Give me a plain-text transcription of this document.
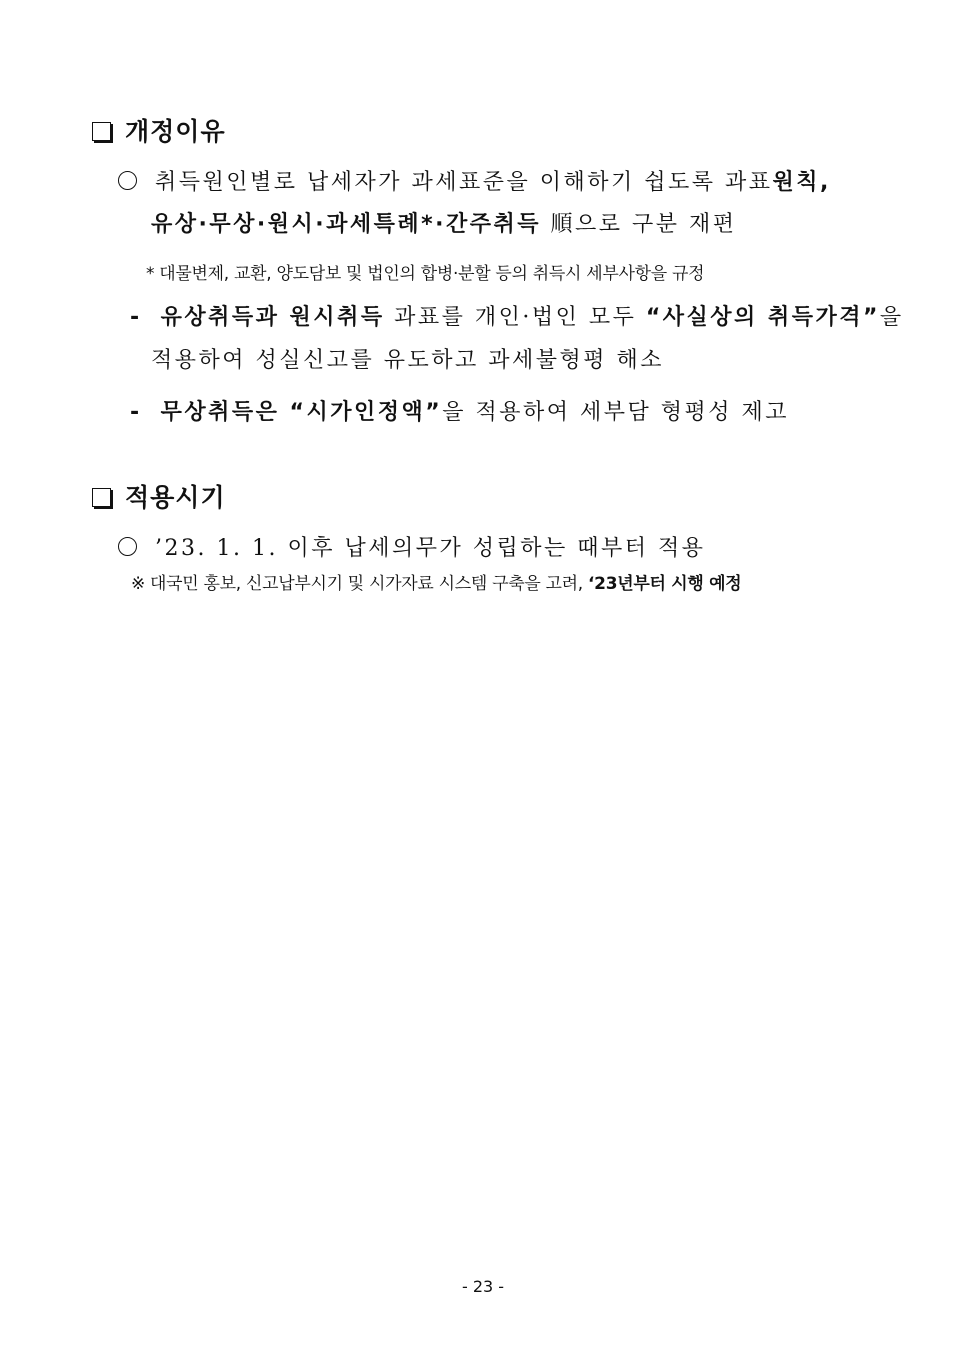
개정이유
취득원인별로 납세자가 과세표준을 이해하기 쉽도록 과표원칙,
유상·무상·원시·과세특례*·간주취득 順으로 구분 재편
* 대물변제, 교환, 양도담보 및 법인의 합병·분할 등의 취득시 세부사항을 규정
- 유상취득과 원시취득 과표를 개인·법인 모두 “사실상의 취득가격”을
적용하여 성실신고를 유도하고 과세불형평 해소
- 무상취득은 “시가인정액”을 적용하여 세부담 형평성 제고
적용시기
’23. 1. 1. 이후 납세의무가 성립하는 때부터 적용
※ 대국민 홍보, 신고납부시기 및 시가자료 시스템 구축을 고려, ‘23년부터 시행 예정
- 23 -
